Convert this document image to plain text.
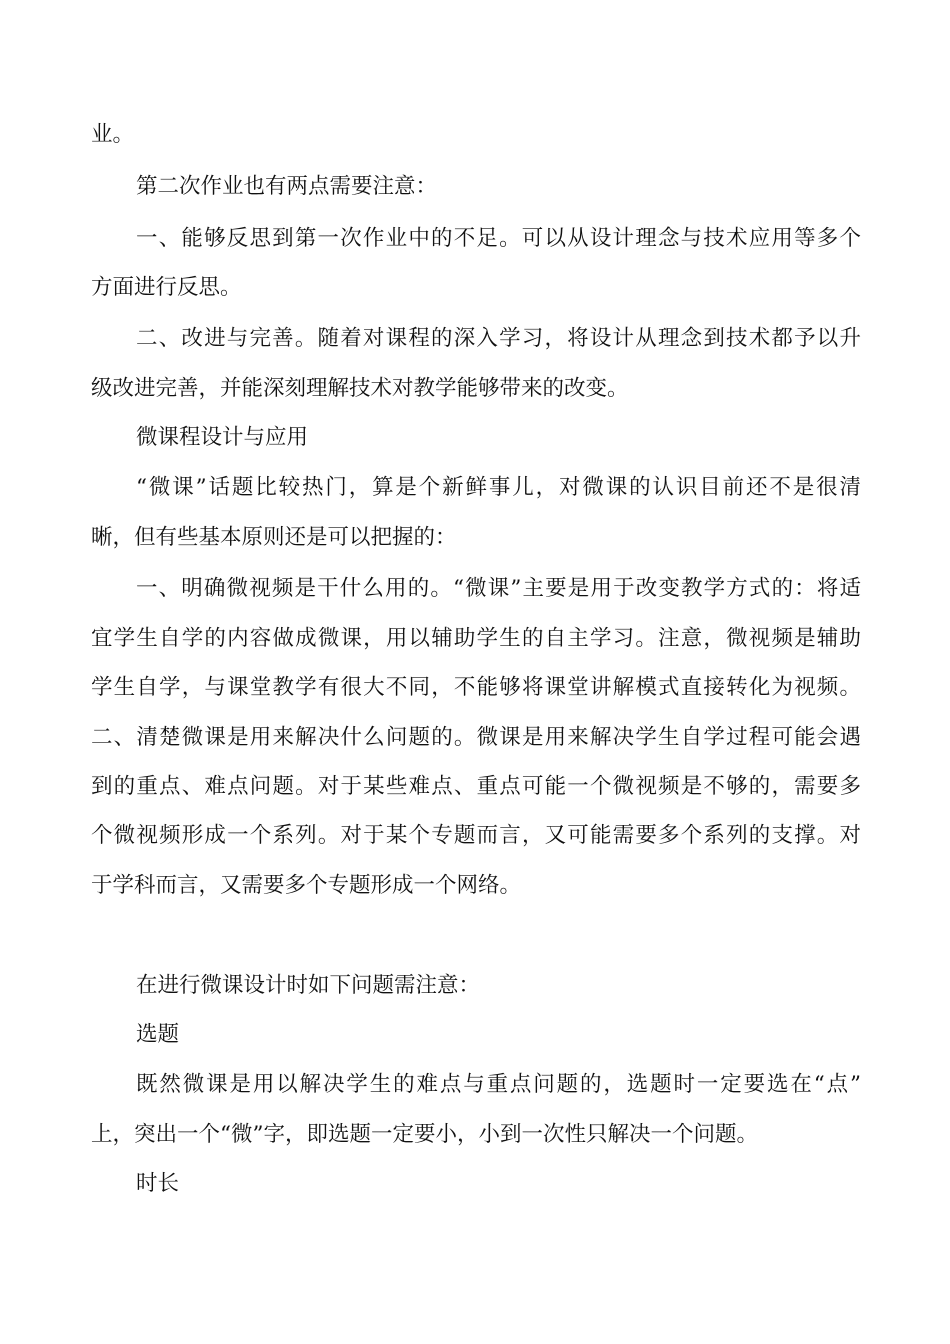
业。
第二次作业也有两点需要注意：
一、能够反思到第一次作业中的不足。可以从设计理念与技术应用等多个
方面进行反思。
二、改进与完善。随着对课程的深入学习，将设计从理念到技术都予以升
级改进完善，并能深刻理解技术对教学能够带来的改变。
微课程设计与应用
“微课”话题比较热门，算是个新鲜事儿，对微课的认识目前还不是很清
晰，但有些基本原则还是可以把握的：
一、明确微视频是干什么用的。“微课”主要是用于改变教学方式的：将适
宜学生自学的内容做成微课，用以辅助学生的自主学习。注意，微视频是辅助
学生自学，与课堂教学有很大不同，不能够将课堂讲解模式直接转化为视频。
二、清楚微课是用来解决什么问题的。微课是用来解决学生自学过程可能会遇
到的重点、难点问题。对于某些难点、重点可能一个微视频是不够的，需要多
个微视频形成一个系列。对于某个专题而言，又可能需要多个系列的支撑。对
于学科而言，又需要多个专题形成一个网络。
在进行微课设计时如下问题需注意：
选题
既然微课是用以解决学生的难点与重点问题的，选题时一定要选在“点”
上，突出一个“微”字，即选题一定要小，小到一次性只解决一个问题。
时长
